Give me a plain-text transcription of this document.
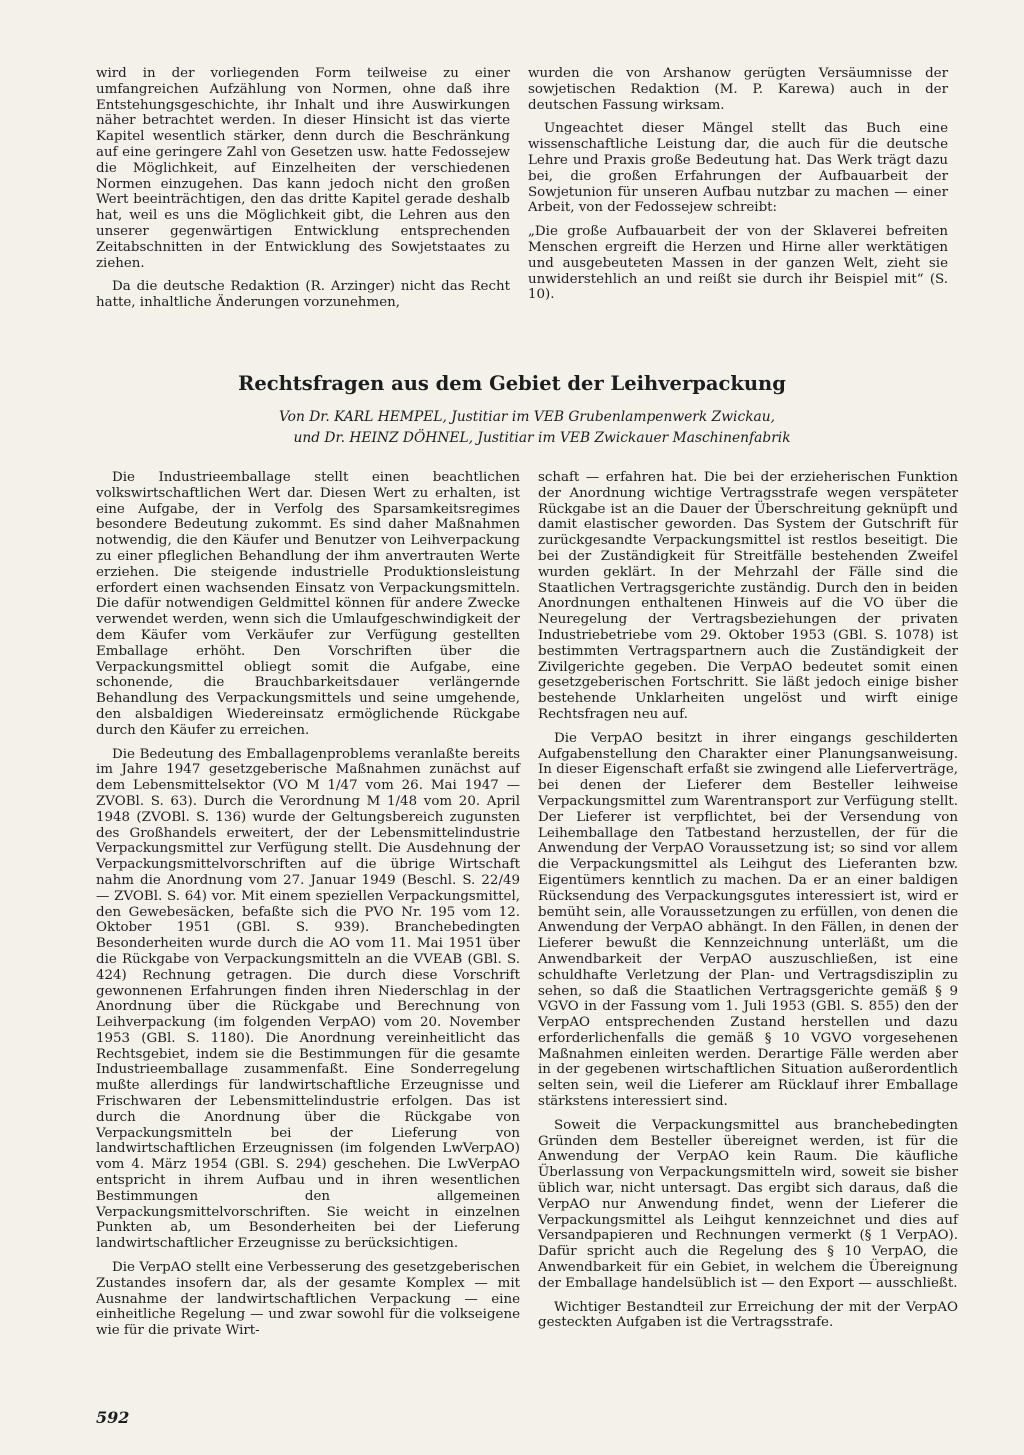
wird in der vorliegenden Form teilweise zu einer umfangreichen Aufzählung von Normen, ohne daß ihre Entstehungsgeschichte, ihr Inhalt und ihre Auswirkungen näher betrachtet werden. In dieser Hinsicht ist das vierte Kapitel wesentlich stärker, denn durch die Beschränkung auf eine geringere Zahl von Gesetzen usw. hatte Fedossejew die Möglichkeit, auf Einzelheiten der verschiedenen Normen einzugehen. Das kann jedoch nicht den großen Wert beeinträchtigen, den das dritte Kapitel gerade deshalb hat, weil es uns die Möglichkeit gibt, die Lehren aus den unserer gegenwärtigen Entwicklung entsprechenden Zeitabschnitten in der Entwicklung des Sowjetstaates zu ziehen.

Da die deutsche Redaktion (R. Arzinger) nicht das Recht hatte, inhaltliche Änderungen vorzunehmen,

wurden die von Arshanow gerügten Versäumnisse der sowjetischen Redaktion (M. P. Karewa) auch in der deutschen Fassung wirksam.

Ungeachtet dieser Mängel stellt das Buch eine wissenschaftliche Leistung dar, die auch für die deutsche Lehre und Praxis große Bedeutung hat. Das Werk trägt dazu bei, die großen Erfahrungen der Aufbauarbeit der Sowjetunion für unseren Aufbau nutzbar zu machen — einer Arbeit, von der Fedossejew schreibt:

„Die große Aufbauarbeit der von der Sklaverei befreiten Menschen ergreift die Herzen und Hirne aller werktätigen und ausgebeuteten Massen in der ganzen Welt, zieht sie unwiderstehlich an und reißt sie durch ihr Beispiel mit“ (S. 10).

Rechtsfragen aus dem Gebiet der Leihverpackung
Von Dr. KARL HEMPEL, Justitiar im VEB Grubenlampenwerk Zwickau,
und Dr. HEINZ DÖHNEL, Justitiar im VEB Zwickauer Maschinenfabrik

Die Industrieemballage stellt einen beachtlichen volkswirtschaftlichen Wert dar. Diesen Wert zu erhalten, ist eine Aufgabe, der in Verfolg des Sparsamkeitsregimes besondere Bedeutung zukommt. Es sind daher Maßnahmen notwendig, die den Käufer und Benutzer von Leihverpackung zu einer pfleglichen Behandlung der ihm anvertrauten Werte erziehen. Die steigende industrielle Produktionsleistung erfordert einen wachsenden Einsatz von Verpackungsmitteln. Die dafür notwendigen Geldmittel können für andere Zwecke verwendet werden, wenn sich die Umlaufgeschwindigkeit der dem Käufer vom Verkäufer zur Verfügung gestellten Emballage erhöht. Den Vorschriften über die Verpackungsmittel obliegt somit die Aufgabe, eine schonende, die Brauchbarkeitsdauer verlängernde Behandlung des Verpackungsmittels und seine umgehende, den alsbaldigen Wiedereinsatz ermöglichende Rückgabe durch den Käufer zu erreichen.

Die Bedeutung des Emballagenproblems veranlaßte bereits im Jahre 1947 gesetzgeberische Maßnahmen zunächst auf dem Lebensmittelsektor (VO M 1/47 vom 26. Mai 1947 — ZVOBl. S. 63). Durch die Verordnung M 1/48 vom 20. April 1948 (ZVOBl. S. 136) wurde der Geltungsbereich zugunsten des Großhandels erweitert, der der Lebensmittelindustrie Verpackungsmittel zur Verfügung stellt. Die Ausdehnung der Verpackungsmittelvorschriften auf die übrige Wirtschaft nahm die Anordnung vom 27. Januar 1949 (Beschl. S. 22/49 — ZVOBl. S. 64) vor. Mit einem speziellen Verpackungsmittel, den Gewebesäcken, befaßte sich die PVO Nr. 195 vom 12. Oktober 1951 (GBl. S. 939). Branchebedingten Besonderheiten wurde durch die AO vom 11. Mai 1951 über die Rückgabe von Verpackungsmitteln an die VVEAB (GBl. S. 424) Rechnung getragen. Die durch diese Vorschrift gewonnenen Erfahrungen finden ihren Niederschlag in der Anordnung über die Rückgabe und Berechnung von Leihverpackung (im folgenden VerpAO) vom 20. November 1953 (GBl. S. 1180). Die Anordnung vereinheitlicht das Rechtsgebiet, indem sie die Bestimmungen für die gesamte Industrieemballage zusammenfaßt. Eine Sonderregelung mußte allerdings für landwirtschaftliche Erzeugnisse und Frischwaren der Lebensmittelindustrie erfolgen. Das ist durch die Anordnung über die Rückgabe von Verpackungsmitteln bei der Lieferung von landwirtschaftlichen Erzeugnissen (im folgenden LwVerpAO) vom 4. März 1954 (GBl. S. 294) geschehen. Die LwVerpAO entspricht in ihrem Aufbau und in ihren wesentlichen Bestimmungen den allgemeinen Verpackungsmittelvorschriften. Sie weicht in einzelnen Punkten ab, um Besonderheiten bei der Lieferung landwirtschaftlicher Erzeugnisse zu berücksichtigen.

Die VerpAO stellt eine Verbesserung des gesetzgeberischen Zustandes insofern dar, als der gesamte Komplex — mit Ausnahme der landwirtschaftlichen Verpackung — eine einheitliche Regelung — und zwar sowohl für die volkseigene wie für die private Wirt-

schaft — erfahren hat. Die bei der erzieherischen Funktion der Anordnung wichtige Vertragsstrafe wegen verspäteter Rückgabe ist an die Dauer der Überschreitung geknüpft und damit elastischer geworden. Das System der Gutschrift für zurückgesandte Verpackungsmittel ist restlos beseitigt. Die bei der Zuständigkeit für Streitfälle bestehenden Zweifel wurden geklärt. In der Mehrzahl der Fälle sind die Staatlichen Vertragsgerichte zuständig. Durch den in beiden Anordnungen enthaltenen Hinweis auf die VO über die Neuregelung der Vertragsbeziehungen der privaten Industriebetriebe vom 29. Oktober 1953 (GBl. S. 1078) ist bestimmten Vertragspartnern auch die Zuständigkeit der Zivilgerichte gegeben. Die VerpAO bedeutet somit einen gesetzgeberischen Fortschritt. Sie läßt jedoch einige bisher bestehende Unklarheiten ungelöst und wirft einige Rechtsfragen neu auf.

Die VerpAO besitzt in ihrer eingangs geschilderten Aufgabenstellung den Charakter einer Planungsanweisung. In dieser Eigenschaft erfaßt sie zwingend alle Lieferverträge, bei denen der Lieferer dem Besteller leihweise Verpackungsmittel zum Warentransport zur Verfügung stellt. Der Lieferer ist verpflichtet, bei der Versendung von Leihemballage den Tatbestand herzustellen, der für die Anwendung der VerpAO Voraussetzung ist; so sind vor allem die Verpackungsmittel als Leihgut des Lieferanten bzw. Eigentümers kenntlich zu machen. Da er an einer baldigen Rücksendung des Verpackungsgutes interessiert ist, wird er bemüht sein, alle Voraussetzungen zu erfüllen, von denen die Anwendung der VerpAO abhängt. In den Fällen, in denen der Lieferer bewußt die Kennzeichnung unterläßt, um die Anwendbarkeit der VerpAO auszuschließen, ist eine schuldhafte Verletzung der Plan- und Vertragsdisziplin zu sehen, so daß die Staatlichen Vertragsgerichte gemäß § 9 VGVO in der Fassung vom 1. Juli 1953 (GBl. S. 855) den der VerpAO entsprechenden Zustand herstellen und dazu erforderlichenfalls die gemäß § 10 VGVO vorgesehenen Maßnahmen einleiten werden. Derartige Fälle werden aber in der gegebenen wirtschaftlichen Situation außerordentlich selten sein, weil die Lieferer am Rücklauf ihrer Emballage stärkstens interessiert sind.

Soweit die Verpackungsmittel aus branchebedingten Gründen dem Besteller übereignet werden, ist für die Anwendung der VerpAO kein Raum. Die käufliche Überlassung von Verpackungsmitteln wird, soweit sie bisher üblich war, nicht untersagt. Das ergibt sich daraus, daß die VerpAO nur Anwendung findet, wenn der Lieferer die Verpackungsmittel als Leihgut kennzeichnet und dies auf Versandpapieren und Rechnungen vermerkt (§ 1 VerpAO). Dafür spricht auch die Regelung des § 10 VerpAO, die Anwendbarkeit für ein Gebiet, in welchem die Übereignung der Emballage handelsüblich ist — den Export — ausschließt.

Wichtiger Bestandteil zur Erreichung der mit der VerpAO gesteckten Aufgaben ist die Vertragsstrafe.

592
